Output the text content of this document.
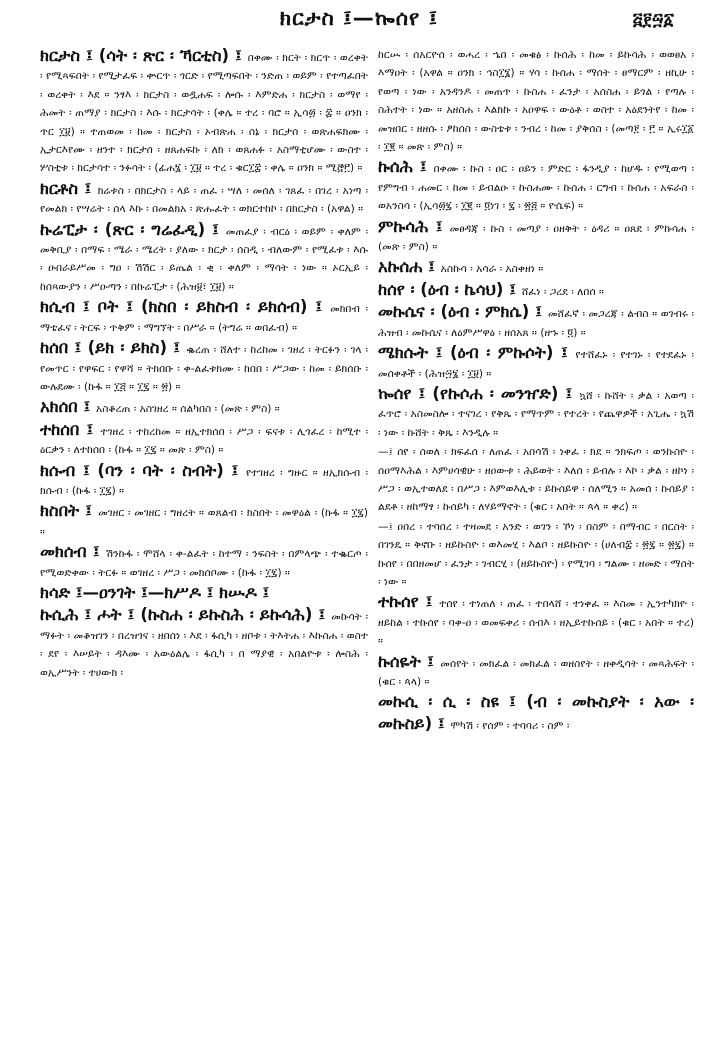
ክርታስ ፤—ኰሰየ ፤	፭፻፵፩
ክርታስ ፤ (ሳት ፡ ጽር ፡ ኻርቲስ) ፤ በቀሙ ፡ ክርት ፡ ክርጥ ፡ ወረቀት ፡ የሚጻፍበት ፡ የሚታፈፍ ፡ ቍርጥ ፡ ጎርድ ፡ የሚጣፍበት ፡ ንድጠ ፡ ወይም ፡ የተጣፈበት ፡ ወረቀት ፡ እደ ። ንፃእ ፡ ክርታስ ፡ ወዷሐፍ ፡ ሎሱ ፡ እምድሐ ፡ ክርታስ ፡ ወማየ ፡ ሕመት ፡ ጠማያ ፡ ክርታስ ፡ እሱ ፡ ክርታሳት ፡ (ቀሌ ። ተረ ፡ ባሮ ። ኢሳ፴ ፡ ፰ ። ዐንክ ፡ ጥር ፲፱) ። ተጠወመ ፡ ከመ ፡ ክርታስ ፡ ኦብጽሐ ፡ ሰኔ ፡ ክርታሰ ፡ ወጽሐፍክሙ ፡ ኢታርእየሙ ፡ ዘንተ ፡ ክርታሰ ፡ ዘጸሐፍኩ ፡ ለክ ፡ ወጸሐፉ ፡ አስማቲሆሙ ፡ ውስተ ፡ ሦስቲቱ ፡ ክርታሳተ ፡ ንፉሳት ፡ (ፊሐ፮ ፡ ፲፱ ። ተረ ፡ ቁር፲፰ ፡ ቀሌ ። ዐንክ ። ሚ፸፫) ።
ክርቶስ ፤ ክሬቱስ ፡ በክርታስ ፡ ላይ ፡ ጠፈ ፡ ሣለ ፡ መሰለ ፡ ገጸፈ ፡ በገረ ፡ አነጣ ፡ የመልክ ፡ የሣሬት ፡ ሰላ እኩ ፡ በመልክአ ፡ ጽሑፈት ፡ ወክርተከኮ ፡ በክርታስ ፡ (አዋል) ።
ኩሬፒታ ፡ (ጽር ፡ ግሬፈዲ) ፤ መጠፈያ ፡ ብርዕ ፡ ወይም ፡ ቀለም ፡ መቅቢያ ፡ በማፍ ፡ ሜራ ፡ ሜረት ፡ ያለው ፡ ክርታ ፡ ሰስዲ ፡ ብለውም ፡ የሚፈቱ ፡ እሱ ፡ ዑበራይሥመ ፡ ግዐ ፡ ሽሽር ፡ ይጤል ፡ ቂ ፡ ቀለም ፡ ማሳት ፡ ነው ። ኦርኢይ ፡ ከሰጻውያን ፡ ሥዑጣን ፡ በኩሬፒታ ፡ (ሕዝ፱፣ ፲፱) ።
ክሲብ ፤ ቦት ፤ (ክስበ ፡ ይክስብ ፡ ይክሰብ) ፤ መክበብ ፡ ማቴፈና ፡ ትርፍ ፡ ጥቅም ፡ ማግኘት ፡ በሥራ ። (ትግሬ ። ወበፈብ) ።
ከሰበ ፤ (ይክ ፡ ይክስ) ፤ ቈረጠ ፡ ሸለተ ፡ ከረከመ ፡ ገዘረ ፡ ትርፉን ፡ ገላ ፡ የመጥር ፡ የዋፍር ፡ የዋሻ ። ትክበቡ ፡ ቀ-ልፈቱክሙ ፡ ከበበ ፡ ሥጋው ፡ ከመ ፡ ይክሰቡ ፡ ውሉደሙ ፡ (ኩፋ ። ፲፭ ። ፲፯ ። ፳) ።
አክሰበ ፤ አስቆረጠ ፡ አስገዘረ ። ሰልካበስ ፡ (መጽ ፡ ምስ) ።
ተከሰበ ፤ ተገዘረ ፡ ተከረከመ ። ዘኢተክሰበ ፡ ሥጋ ፡ ፍናቱ ፡ ሊጎፈረ ፡ ከሚተ ፡ ዕርቃን ፡ ለተከሰበ ፡ (ኩፋ ። ፲፯ ። መጽ ፡ ምስ) ።
ክሱብ ፤ (ባን ፡ ባት ፡ ስብት) ፤ የተገዘረ ፡ ግዙር ። ዘኢክሱብ ፡ ክሱብ ፡ (ኩፋ ፡ ፲፯) ።
ክስበት ፤ መገዘር ፡ መገዘር ፡ ግዘረት ። ወጸልብ ፡ ክስበት ፡ መዋዕል ፡ (ኩፋ ። ፲፯) ።
መክሰብ ፤ ሽንኩፋ ፡ ሞሸላ ፡ ቀ-ልፈት ፡ ከተማ ፡ ንፍስት ፡ በምላጭ ፡ ተቈርጦ ፡ የሚወድቀው ፡ ትርፉ ። ወገዘረ ፡ ሥጋ ፡ መክሰቦሙ ፡ (ኩፋ ፡ ፲፯) ።
ክሳድ ፤—ዐንገት ፤—ክሥዶ ፤ ክሡዶ ፤
ኩሲሕ ፤ ሖት ፤ (ኩስሐ ፡ ይኩስሕ ፡ ይኩሳሕ) ፤ መኩሳት ፡ ማፉት ፡ መቆዝገን ፡ በረዝጎና ፡ ዘበሰነ ፡ እደ ፡ ፋሲካ ፡ ዘቦቱ ፡ ትእትሐ ፡ እኩስሐ ፡ ወስተ ፡ ደየ ፡ እሠይት ፡ ዳእሙ ፡ አውዕልሌ ፡ ፋሲካ ፡ በ ማያዊ ፡ አበልዮቱ ፡ ሎስሕ ፡ ወኢሥንት ፡ ተሀውክ ፡
ከርሡ ፡ ሰአርዮሰ ፡ ወሓረ ፡ ኄበ ፡ መቁፅ ፡ ኩሰሕ ፡ ከመ ፡ ይኩሳሕ ፡ ወወፀአ ፡ እማዐት ፡ (አዋል ። ዐንክ ፡ ኅስ፲፮) ። ሃሳ ፡ ኩሰሐ ፡ ማሰት ፡ ፀማርም ፡ ዘኪሁ ፡ የወጣ ፡ ነው ፡ አንዳንዶ ፡ መጠጥ ፡ ኩስሐ ፡ ፈንታ ፡ አሰስሐ ፡ ይጎል ፡ የጣሉ ፡ ስሕተት ፡ ነው ። አዘስሐ ፡ እልክኩ ፡ አዐዋፍ ፡ ውዕቶ ፡ ወስተ ፡ አዕደንትየ ፡ ከመ ፡ መዝበር ፡ ዘዘሱ ፡ ፆከሰስ ፡ ውስቴቱ ፡ ንብረ ፡ ከመ ፡ ያቅሰስ ፡ (መጣ፻ ፡ ፫ ። ኢሩ፲፩ ፡ ፲፪ ። መጽ ፡ ምስ) ።
ኩሰሕ ፤ በቀሙ ፡ ኩስ ፡ ዐር ፡ ዐይን ፡ ምድር ፡ ፋንዲያ ፡ ከሆዱ ፡ የሚወጣ ፡ የምግብ ፡ ሐመር ፡ ከመ ፡ ይብልዑ ፡ ኩስሐሙ ፡ ኩሰሐ ፡ ርግብ ፡ ኩሰሐ ፡ አፍራስ ፡ ወአንስሳ ፡ (ኢሳ፴፯ ፡ ፲፪ ። ፬ነገ ፡ ፯ ፡ ፳፭ ። ዮሴፍ) ።
ምኩሳሕ ፤ መፀዳጃ ፡ ኩስ ፡ መጣያ ፡ ዐዘቅት ፡ ዕዳሪ ። ዐጸደ ፡ ምኩሳሐ ፡ (መጽ ፡ ምስ) ።
አኩሰሐ ፤ አስኩሳ ፡ አሳራ ፡ አስቀዘነ ።
ከሰየ ፡ (ዕብ ፡ ኬሳህ) ፤ ሸፈነ ፡ ጋረደ ፡ ለበሰ ።
መኩሴና ፡ (ዕብ ፡ ምክሴ) ፤ መሸፈኛ ፡ መጋረጃ ፡ ልብስ ። ወገብሩ ፡ ሕዝብ ፡ መኩሴና ፡ ለዕምሥዋዕ ፡ ዘሰአጸ ። (ዘኁ ፡ ፬) ።
ሜክሱት ፤ (ዕብ ፡ ምኩሶት) ፤ የተሸፈኑ ፡ የተገኑ ፡ የተደፈኑ ፡ መሰቀቶች ፡ (ሕዝ፵፮ ፡ ፲፱) ።
ኰሰየ ፤ (የኩሶሐ ፡ መንዠድ) ፤ ኳሸ ፡ ኩሸት ፡ ቃል ፡ አወጣ ፡ ፈጥሮ ፡ አስመስሎ ፡ ተናገረ ፡ የቅጼ ፡ የማጥም ፡ የተረት ፡ የጨዋዎች ፡ አጊሔ ፡ ኳሽ ፡ ነው ፡ ኩሸት ፡ ቅጼ ፡ እንዲሉ ።
—፤ ሰየ ፡ ሰወለ ፡ ክፍፈሰ ፡ ለጠፈ ፡ አበሳሽ ፡ ነቀፈ ፡ ክደ ። ንክፍጦ ፡ ወንኩስዮ ፡ ሰዐማእሕል ፡ እምሀሳዊሁ ፡ ዘዐውቱ ፡ ሕይወት ፡ እለሰ ፡ ይብሉ ፡ እኮ ፡ ቃል ፡ ዘኮነ ፡ ሥጋ ፡ ወኢተወለደ ፡ በሥጋ ፡ እምወእሊቱ ፡ ይኩሰይዋ ፡ ሰለሚን ። አመሰ ፡ ኩሰይያ ፡ ልደቶ ፡ ዘከማፃ ፡ ኩሰይካ ፡ ለሃይማኖት ፡ (ቁር ፡ አበት ። ጳላ ። ቀረ) ።
—፤ ዐበረ ፡ ተባበረ ፡ ተዛመደ ፡ አንድ ፡ ወገን ፡ ኾነ ፡ በስም ፡ በማብር ፡ በርስት ፡ በገንዴ ። ቅኖቡ ፡ ዘይኩስዮ ፡ ወእመሂ ፡ እልቦ ፡ ዘይኩስዮ ፡ (ሀለብ፰ ፡ ፳፯ ። ፳፯) ። ኩሰየ ፡ በበዘመሆ ፡ ፈንታ ፡ ገብርሂ ፡ (ዘይኩስዮ) ፡ የሚገባ ፡ ግልሙ ፡ ዘመድ ፡ ማሰት ፡ ነው ።
ተኩሰየ ፤ ተሰየ ፡ ተነጠለ ፡ ጠፈ ፡ ተበላሸ ፡ ተነቀፈ ። እስመ ፡ ኢንተካክዮ ፡ ዘይከል ፡ ተኩሰየ ፡ ባቀ-ዐ ፡ ወመፍቀሪ ፡ ሰብእ ፡ ዘኢይተኩሰይ ፡ (ቁር ፡ አበት ። ተረ) ።
ኩሰዬት ፤ መሰየት ፡ መክፈል ፡ መክፈል ፡ ወዘስየት ፡ ዘቀዲሳት ፡ መጻሕፍት ፡ (ቁር ፡ ጳላ) ።
መኩሲ ፡ ሲ ፡ ስዩ ፤ (ብ ፡ መኩስያት ፡ አው ፡ መኩስይ) ፤ ሞካሽ ፡ የሰም ፡ ተባባሪ ፡ ስም ፡
